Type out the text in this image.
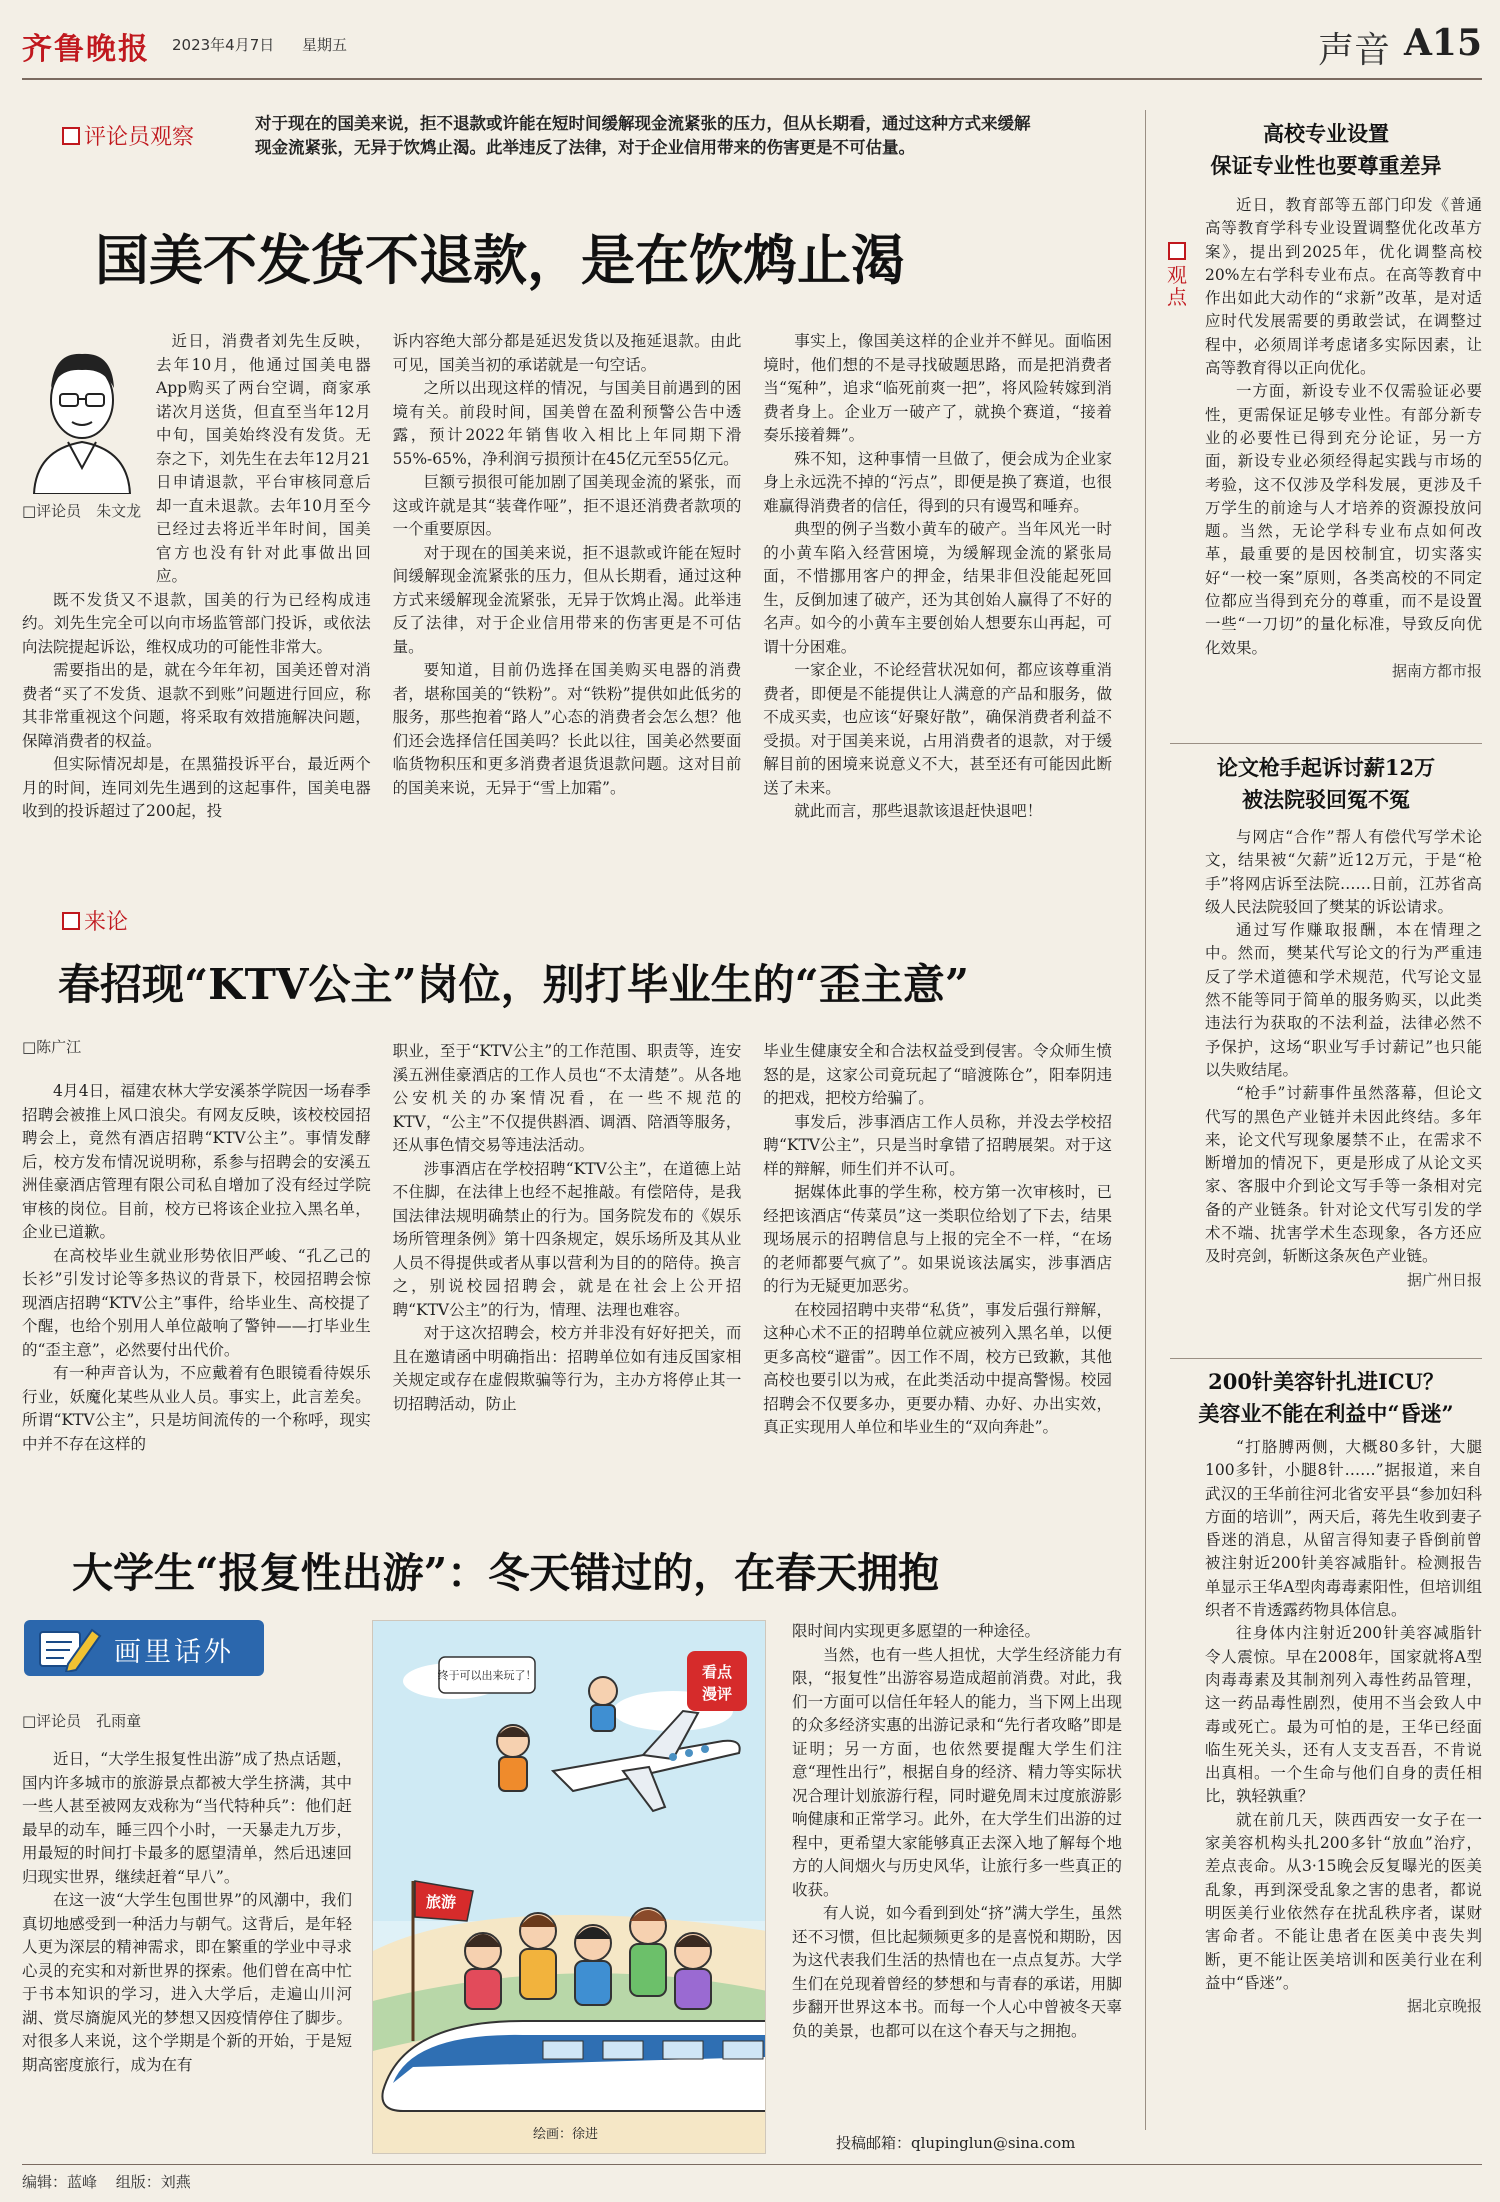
齐鲁晚报 2023年4月7日 星期五	声音 A15
评论员观察
对于现在的国美来说，拒不退款或许能在短时间缓解现金流紧张的压力，但从长期看，通过这种方式来缓解现金流紧张，无异于饮鸩止渴。此举违反了法律，对于企业信用带来的伤害更是不可估量。
国美不发货不退款，是在饮鸩止渴
□评论员　朱文龙

近日，消费者刘先生反映，去年10月，他通过国美电器App购买了两台空调，商家承诺次月送货，但直至当年12月中旬，国美始终没有发货。无奈之下，刘先生在去年12月21日申请退款，平台审核同意后却一直未退款。去年10月至今已经过去将近半年时间，国美官方也没有针对此事做出回应。

既不发货又不退款，国美的行为已经构成违约。刘先生完全可以向市场监管部门投诉，或依法向法院提起诉讼，维权成功的可能性非常大。

需要指出的是，就在今年年初，国美还曾对消费者“买了不发货、退款不到账”问题进行回应，称其非常重视这个问题，将采取有效措施解决问题，保障消费者的权益。

但实际情况却是，在黑猫投诉平台，最近两个月的时间，连同刘先生遇到的这起事件，国美电器收到的投诉超过了200起，投

诉内容绝大部分都是延迟发货以及拖延退款。由此可见，国美当初的承诺就是一句空话。

之所以出现这样的情况，与国美目前遇到的困境有关。前段时间，国美曾在盈利预警公告中透露，预计2022年销售收入相比上年同期下滑55%-65%，净利润亏损预计在45亿元至55亿元。

巨额亏损很可能加剧了国美现金流的紧张，而这或许就是其“装聋作哑”，拒不退还消费者款项的一个重要原因。

对于现在的国美来说，拒不退款或许能在短时间缓解现金流紧张的压力，但从长期看，通过这种方式来缓解现金流紧张，无异于饮鸩止渴。此举违反了法律，对于企业信用带来的伤害更是不可估量。

要知道，目前仍选择在国美购买电器的消费者，堪称国美的“铁粉”。对“铁粉”提供如此低劣的服务，那些抱着“路人”心态的消费者会怎么想？他们还会选择信任国美吗？长此以往，国美必然要面临货物积压和更多消费者退货退款问题。这对目前的国美来说，无异于“雪上加霜”。

事实上，像国美这样的企业并不鲜见。面临困境时，他们想的不是寻找破题思路，而是把消费者当“冤种”，追求“临死前爽一把”，将风险转嫁到消费者身上。企业万一破产了，就换个赛道，“接着奏乐接着舞”。

殊不知，这种事情一旦做了，便会成为企业家身上永远洗不掉的“污点”，即便是换了赛道，也很难赢得消费者的信任，得到的只有谩骂和唾弃。

典型的例子当数小黄车的破产。当年风光一时的小黄车陷入经营困境，为缓解现金流的紧张局面，不惜挪用客户的押金，结果非但没能起死回生，反倒加速了破产，还为其创始人赢得了不好的名声。如今的小黄车主要创始人想要东山再起，可谓十分困难。

一家企业，不论经营状况如何，都应该尊重消费者，即便是不能提供让人满意的产品和服务，做不成买卖，也应该“好聚好散”，确保消费者利益不受损。对于国美来说，占用消费者的退款，对于缓解目前的困境来说意义不大，甚至还有可能因此断送了未来。

就此而言，那些退款该退赶快退吧！

来论
春招现“KTV公主”岗位，别打毕业生的“歪主意”
□陈广江

4月4日，福建农林大学安溪茶学院因一场春季招聘会被推上风口浪尖。有网友反映，该校校园招聘会上，竟然有酒店招聘“KTV公主”。事情发酵后，校方发布情况说明称，系参与招聘会的安溪五洲佳豪酒店管理有限公司私自增加了没有经过学院审核的岗位。目前，校方已将该企业拉入黑名单，企业已道歉。

在高校毕业生就业形势依旧严峻、“孔乙己的长衫”引发讨论等多热议的背景下，校园招聘会惊现酒店招聘“KTV公主”事件，给毕业生、高校提了个醒，也给个别用人单位敲响了警钟——打毕业生的“歪主意”，必然要付出代价。

有一种声音认为，不应戴着有色眼镜看待娱乐行业，妖魔化某些从业人员。事实上，此言差矣。所谓“KTV公主”，只是坊间流传的一个称呼，现实中并不存在这样的

职业，至于“KTV公主”的工作范围、职责等，连安溪五洲佳豪酒店的工作人员也“不太清楚”。从各地公安机关的办案情况看，在一些不规范的KTV，“公主”不仅提供斟酒、调酒、陪酒等服务，还从事色情交易等违法活动。

涉事酒店在学校招聘“KTV公主”，在道德上站不住脚，在法律上也经不起推敲。有偿陪侍，是我国法律法规明确禁止的行为。国务院发布的《娱乐场所管理条例》第十四条规定，娱乐场所及其从业人员不得提供或者从事以营利为目的的陪侍。换言之，别说校园招聘会，就是在社会上公开招聘“KTV公主”的行为，情理、法理也难容。

对于这次招聘会，校方并非没有好好把关，而且在邀请函中明确指出：招聘单位如有违反国家相关规定或存在虚假欺骗等行为，主办方将停止其一切招聘活动，防止

毕业生健康安全和合法权益受到侵害。令众师生愤怒的是，这家公司竟玩起了“暗渡陈仓”，阳奉阴违的把戏，把校方给骗了。

事发后，涉事酒店工作人员称，并没去学校招聘“KTV公主”，只是当时拿错了招聘展架。对于这样的辩解，师生们并不认可。

据媒体此事的学生称，校方第一次审核时，已经把该酒店“传菜员”这一类职位给划了下去，结果现场展示的招聘信息与上报的完全不一样，“在场的老师都要气疯了”。如果说该法属实，涉事酒店的行为无疑更加恶劣。

在校园招聘中夹带“私货”，事发后强行辩解，这种心术不正的招聘单位就应被列入黑名单，以便更多高校“避雷”。因工作不周，校方已致歉，其他高校也要引以为戒，在此类活动中提高警惕。校园招聘会不仅要多办，更要办精、办好、办出实效，真正实现用人单位和毕业生的“双向奔赴”。

大学生“报复性出游”：冬天错过的，在春天拥抱
画里话外
□评论员　孔雨童

近日，“大学生报复性出游”成了热点话题，国内许多城市的旅游景点都被大学生挤满，其中一些人甚至被网友戏称为“当代特种兵”：他们赶最早的动车，睡三四个小时，一天暴走九万步，用最短的时间打卡最多的愿望清单，然后迅速回归现实世界，继续赶着“早八”。

在这一波“大学生包围世界”的风潮中，我们真切地感受到一种活力与朝气。这背后，是年轻人更为深层的精神需求，即在繁重的学业中寻求心灵的充实和对新世界的探索。他们曾在高中忙于书本知识的学习，进入大学后，走遍山川河湖、赏尽旖旎风光的梦想又因疫情停住了脚步。对很多人来说，这个学期是个新的开始，于是短期高密度旅行，成为在有

终于可以出来玩了！	看点
漫评
旅游
绘画：徐进

限时间内实现更多愿望的一种途径。

当然，也有一些人担忧，大学生经济能力有限，“报复性”出游容易造成超前消费。对此，我们一方面可以信任年轻人的能力，当下网上出现的众多经济实惠的出游记录和“先行者攻略”即是证明；另一方面，也依然要提醒大学生们注意“理性出行”，根据自身的经济、精力等实际状况合理计划旅游行程，同时避免周末过度旅游影响健康和正常学习。此外，在大学生们出游的过程中，更希望大家能够真正去深入地了解每个地方的人间烟火与历史风华，让旅行多一些真正的收获。

有人说，如今看到到处“挤”满大学生，虽然还不习惯，但比起频频更多的是喜悦和期盼，因为这代表我们生活的热情也在一点点复苏。大学生们在兑现着曾经的梦想和与青春的承诺，用脚步翻开世界这本书。而每一个人心中曾被冬天辜负的美景，也都可以在这个春天与之拥抱。

投稿邮箱：qlupinglun@sina.com
观点
高校专业设置
保证专业性也要尊重差异

近日，教育部等五部门印发《普通高等教育学科专业设置调整优化改革方案》，提出到2025年，优化调整高校20%左右学科专业布点。在高等教育中作出如此大动作的“求新”改革，是对适应时代发展需要的勇敢尝试，在调整过程中，必须周详考虑诸多实际因素，让高等教育得以正向优化。

一方面，新设专业不仅需验证必要性，更需保证足够专业性。有部分新专业的必要性已得到充分论证，另一方面，新设专业必须经得起实践与市场的考验，这不仅涉及学科发展，更涉及千万学生的前途与人才培养的资源投放问题。当然，无论学科专业布点如何改革，最重要的是因校制宜，切实落实好“一校一案”原则，各类高校的不同定位都应当得到充分的尊重，而不是设置一些“一刀切”的量化标准，导致反向优化效果。

据南方都市报
论文枪手起诉讨薪12万
被法院驳回冤不冤

与网店“合作”帮人有偿代写学术论文，结果被“欠薪”近12万元，于是“枪手”将网店诉至法院……日前，江苏省高级人民法院驳回了樊某的诉讼请求。

通过写作赚取报酬，本在情理之中。然而，樊某代写论文的行为严重违反了学术道德和学术规范，代写论文显然不能等同于简单的服务购买，以此类违法行为获取的不法利益，法律必然不予保护，这场“职业写手讨薪记”也只能以失败结尾。

“枪手”讨薪事件虽然落幕，但论文代写的黑色产业链并未因此终结。多年来，论文代写现象屡禁不止，在需求不断增加的情况下，更是形成了从论文买家、客服中介到论文写手等一条相对完备的产业链条。针对论文代写引发的学术不端、扰害学术生态现象，各方还应及时亮剑，斩断这条灰色产业链。

据广州日报
200针美容针扎进ICU？
美容业不能在利益中“昏迷”

“打胳膊两侧，大概80多针，大腿100多针，小腿8针……”据报道，来自武汉的王华前往河北省安平县“参加妇科方面的培训”，两天后，蒋先生收到妻子昏迷的消息，从留言得知妻子昏倒前曾被注射近200针美容减脂针。检测报告单显示王华A型肉毒毒素阳性，但培训组织者不肯透露药物具体信息。

往身体内注射近200针美容减脂针令人震惊。早在2008年，国家就将A型肉毒毒素及其制剂列入毒性药品管理，这一药品毒性剧烈，使用不当会致人中毒或死亡。最为可怕的是，王华已经面临生死关头，还有人支支吾吾，不肯说出真相。一个生命与他们自身的责任相比，孰轻孰重？

就在前几天，陕西西安一女子在一家美容机构头扎200多针“放血”治疗，差点丧命。从3·15晚会反复曝光的医美乱象，再到深受乱象之害的患者，都说明医美行业依然存在扰乱秩序者，谋财害命者。不能让患者在医美中丧失判断，更不能让医美培训和医美行业在利益中“昏迷”。

据北京晚报
编辑：蓝峰 组版：刘燕
